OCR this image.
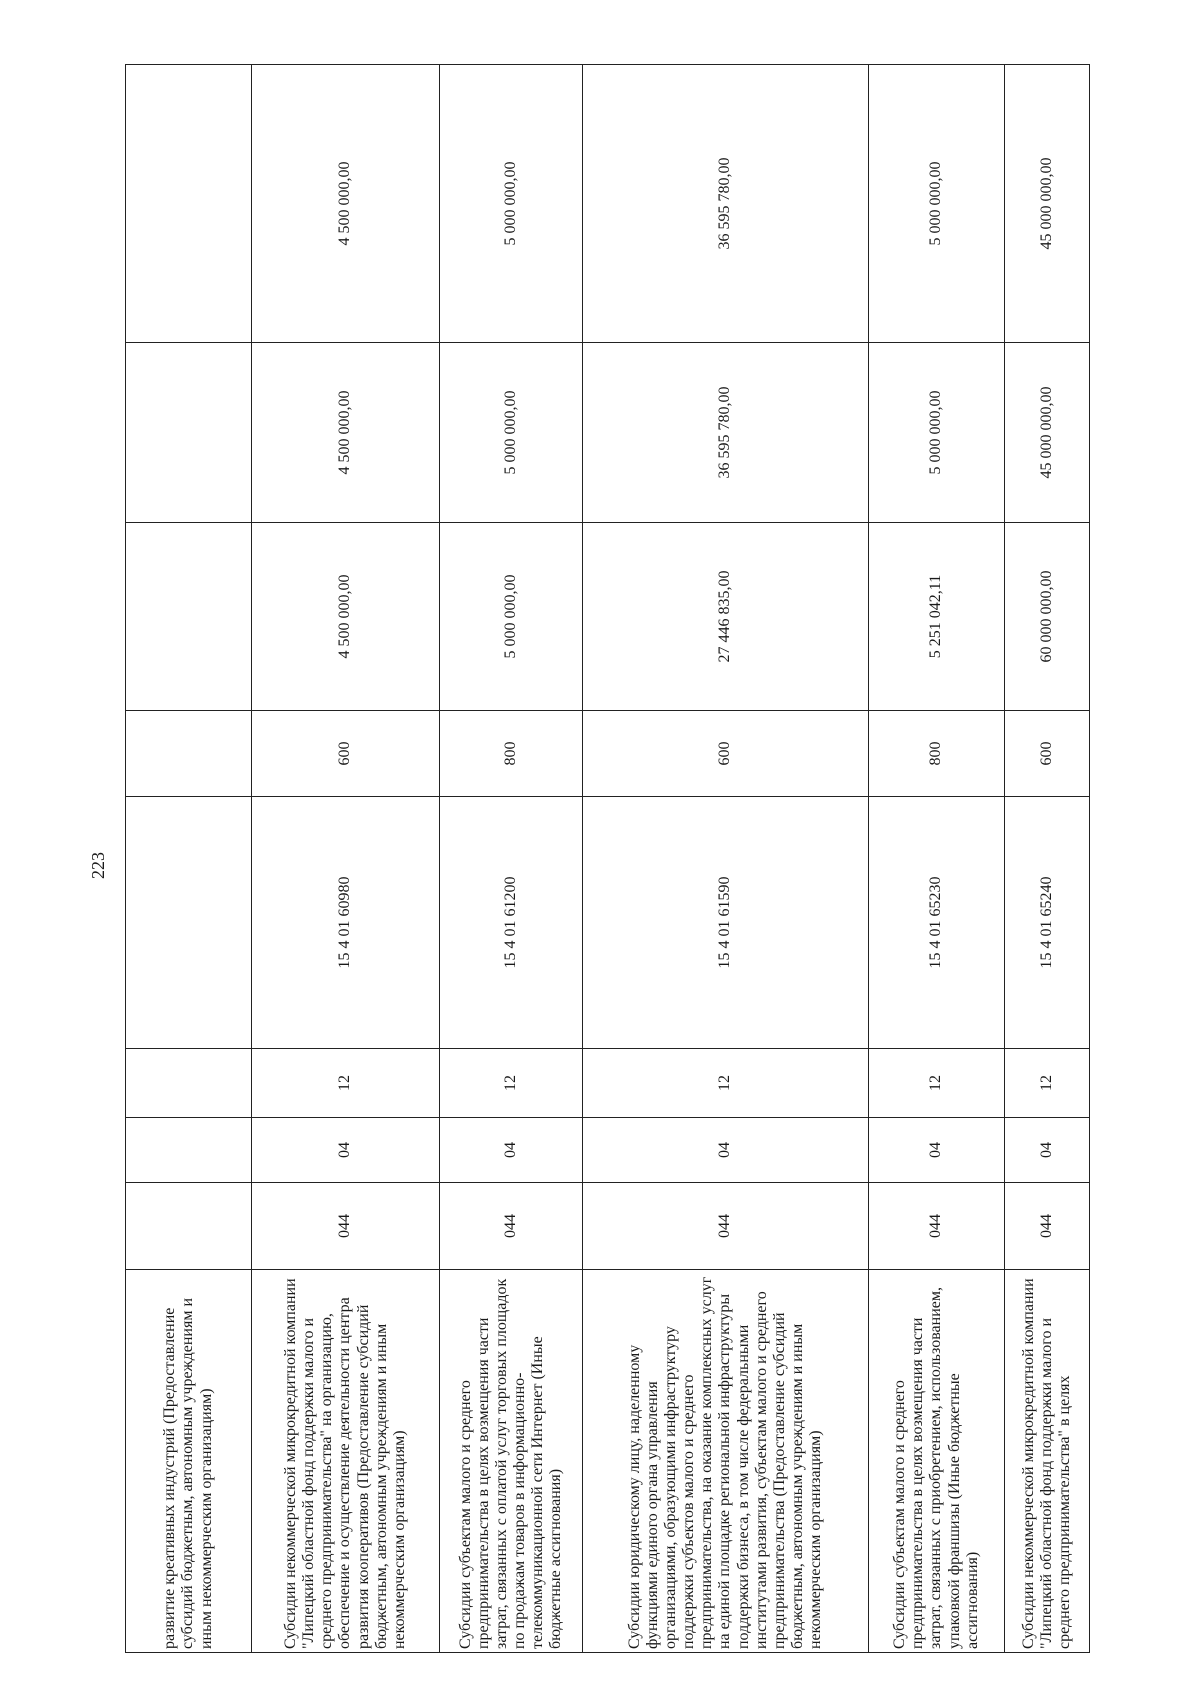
223
развитие креативных индустрий (Предоставление субсидий бюджетным, автономным учреждениям и иным некоммерческим организациям)								
Субсидии некоммерческой микрокредитной компании "Липецкий областной фонд поддержки малого и среднего предпринимательства" на организацию, обеспечение и осуществление деятельности центра развития кооперативов (Предоставление субсидий бюджетным, автономным учреждениям и иным некоммерческим организациям)	044	04	12	15 4 01 60980	600	4 500 000,00	4 500 000,00	4 500 000,00
Субсидии субъектам малого и среднего предпринимательства в целях возмещения части затрат, связанных с оплатой услуг торговых площадок по продажам товаров в информационно-телекоммуникационной сети Интернет (Иные бюджетные ассигнования)	044	04	12	15 4 01 61200	800	5 000 000,00	5 000 000,00	5 000 000,00
Субсидии юридическому лицу, наделенному функциями единого органа управления организациями, образующими инфраструктуру поддержки субъектов малого и среднего предпринимательства, на оказание комплексных услуг на единой площадке региональной инфраструктуры поддержки бизнеса, в том числе федеральными институтами развития, субъектам малого и среднего предпринимательства (Предоставление субсидий бюджетным, автономным учреждениям и иным некоммерческим организациям)	044	04	12	15 4 01 61590	600	27 446 835,00	36 595 780,00	36 595 780,00
Субсидии субъектам малого и среднего предпринимательства в целях возмещения части затрат, связанных с приобретением, использованием, упаковкой франшизы (Иные бюджетные ассигнования)	044	04	12	15 4 01 65230	800	5 251 042,11	5 000 000,00	5 000 000,00
Субсидии некоммерческой микрокредитной компании "Липецкий областной фонд поддержки малого и среднего предпринимательства" в целях	044	04	12	15 4 01 65240	600	60 000 000,00	45 000 000,00	45 000 000,00
